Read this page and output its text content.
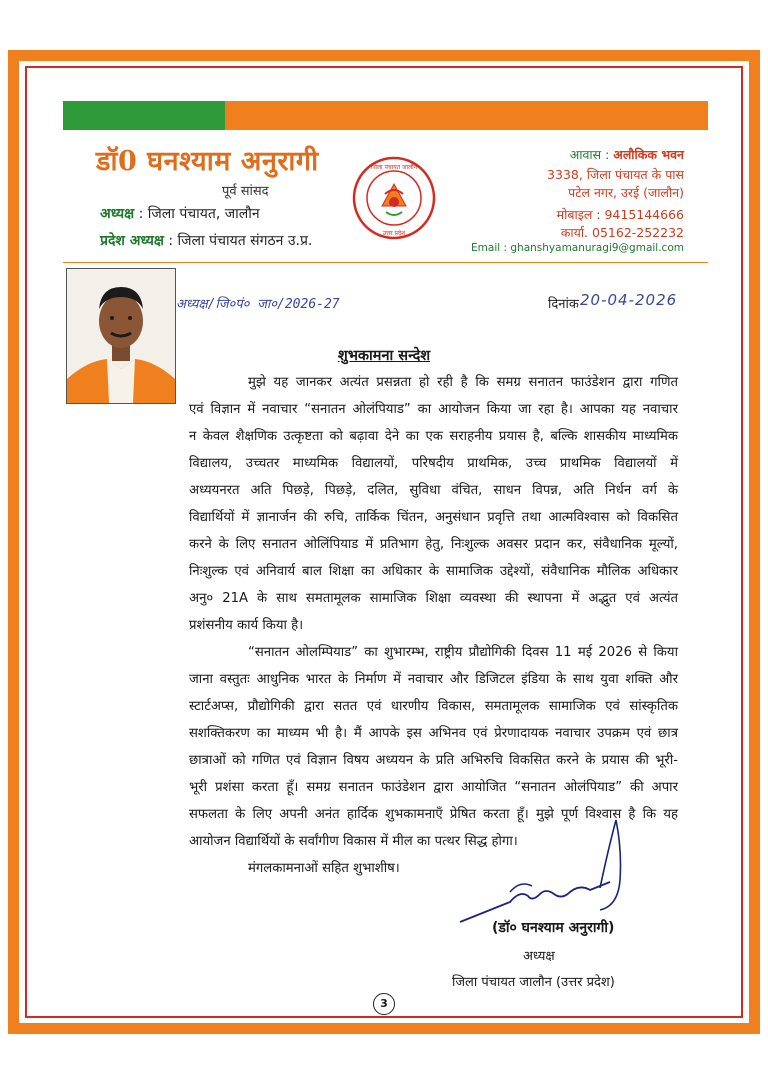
डॉ0 घनश्याम अनुरागी
पूर्व सांसद
अध्यक्ष : जिला पंचायत, जालौन
प्रदेश अध्यक्ष : जिला पंचायत संगठन उ.प्र.
जिला पंचायत जालौन
उत्तर प्रदेश
आवास : अलौकिक भवन
3338, जिला पंचायत के पास
पटेल नगर, उरई (जालौन)
मोबाइल : 9415144666
कार्या. 05162-252232
Email : ghanshyamanuragi9@gmail.com
अध्यक्ष/जि०पं० जा०/2026-27	दिनांक 20-04-2026
शुभकामना सन्देश
मुझे यह जानकर अत्यंत प्रसन्नता हो रही है कि समग्र सनातन फाउंडेशन द्वारा गणित
एवं विज्ञान में नवाचार “सनातन ओलंपियाड” का आयोजन किया जा रहा है। आपका यह नवाचार
न केवल शैक्षणिक उत्कृष्टता को बढ़ावा देने का एक सराहनीय प्रयास है, बल्कि शासकीय माध्यमिक
विद्यालय, उच्चतर माध्यमिक विद्यालयों, परिषदीय प्राथमिक, उच्च प्राथमिक विद्यालयों में
अध्ययनरत अति पिछड़े, पिछड़े, दलित, सुविधा वंचित, साधन विपन्न, अति निर्धन वर्ग के
विद्यार्थियों में ज्ञानार्जन की रुचि, तार्किक चिंतन, अनुसंधान प्रवृत्ति तथा आत्मविश्वास को विकसित
करने के लिए सनातन ओलिंपियाड में प्रतिभाग हेतु, निःशुल्क अवसर प्रदान कर, संवैधानिक मूल्यों,
निःशुल्क एवं अनिवार्य बाल शिक्षा का अधिकार के सामाजिक उद्देश्यों, संवैधानिक मौलिक अधिकार
अनु० 21A के साथ समतामूलक सामाजिक शिक्षा व्यवस्था की स्थापना में अद्भुत एवं अत्यंत
प्रशंसनीय कार्य किया है।
“सनातन ओलम्पियाड” का शुभारम्भ, राष्ट्रीय प्रौद्योगिकी दिवस 11 मई 2026 से किया
जाना वस्तुतः आधुनिक भारत के निर्माण में नवाचार और डिजिटल इंडिया के साथ युवा शक्ति और
स्टार्टअप्स, प्रौद्योगिकी द्वारा सतत एवं धारणीय विकास, समतामूलक सामाजिक एवं सांस्कृतिक
सशक्तिकरण का माध्यम भी है। मैं आपके इस अभिनव एवं प्रेरणादायक नवाचार उपक्रम एवं छात्र
छात्राओं को गणित एवं विज्ञान विषय अध्ययन के प्रति अभिरुचि विकसित करने के प्रयास की भूरी-
भूरी प्रशंसा करता हूँ। समग्र सनातन फाउंडेशन द्वारा आयोजित “सनातन ओलंपियाड” की अपार
सफलता के लिए अपनी अनंत हार्दिक शुभकामनाएँ प्रेषित करता हूँ। मुझे पूर्ण विश्वास है कि यह
आयोजन विद्यार्थियों के सर्वांगीण विकास में मील का पत्थर सिद्ध होगा।
मंगलकामनाओं सहित शुभाशीष।
(डॉ० घनश्याम अनुरागी)
अध्यक्ष
जिला पंचायत जालौन (उत्तर प्रदेश)
3
